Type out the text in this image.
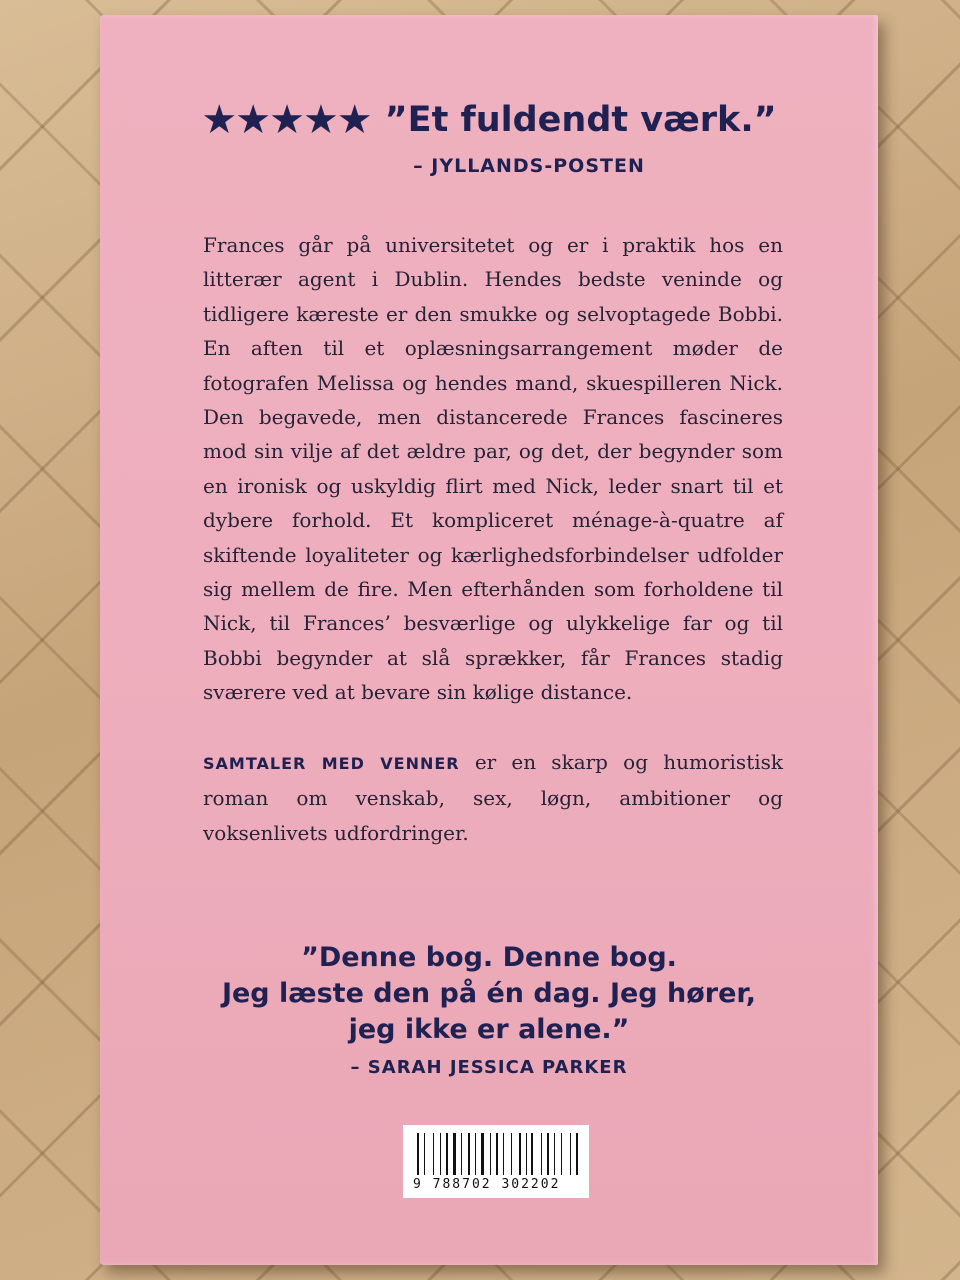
★★★★★ ”Et fuldendt værk.”
– JYLLANDS-POSTEN

Frances går på universitetet og er i praktik hos en litterær agent i Dublin. Hendes bedste veninde og tidligere kæreste er den smukke og selvoptagede Bobbi. En aften til et oplæsningsarrangement møder de fotografen Melissa og hendes mand, skuespilleren Nick. Den begavede, men distancerede Frances fascineres mod sin vilje af det ældre par, og det, der begynder som en ironisk og uskyldig flirt med Nick, leder snart til et dybere forhold. Et kompliceret ménage-à-quatre af skiftende loyaliteter og kærlighedsforbindelser udfolder sig mellem de fire. Men efterhånden som forholdene til Nick, til Frances’ besværlige og ulykkelige far og til Bobbi begynder at slå sprækker, får Frances stadig sværere ved at bevare sin kølige distance.

SAMTALER MED VENNER er en skarp og humoristisk roman om venskab, sex, løgn, ambitioner og voksenlivets udfordringer.

”Denne bog. Denne bog.
Jeg læste den på én dag. Jeg hører,
jeg ikke er alene.”
– SARAH JESSICA PARKER
9 788702 302202
